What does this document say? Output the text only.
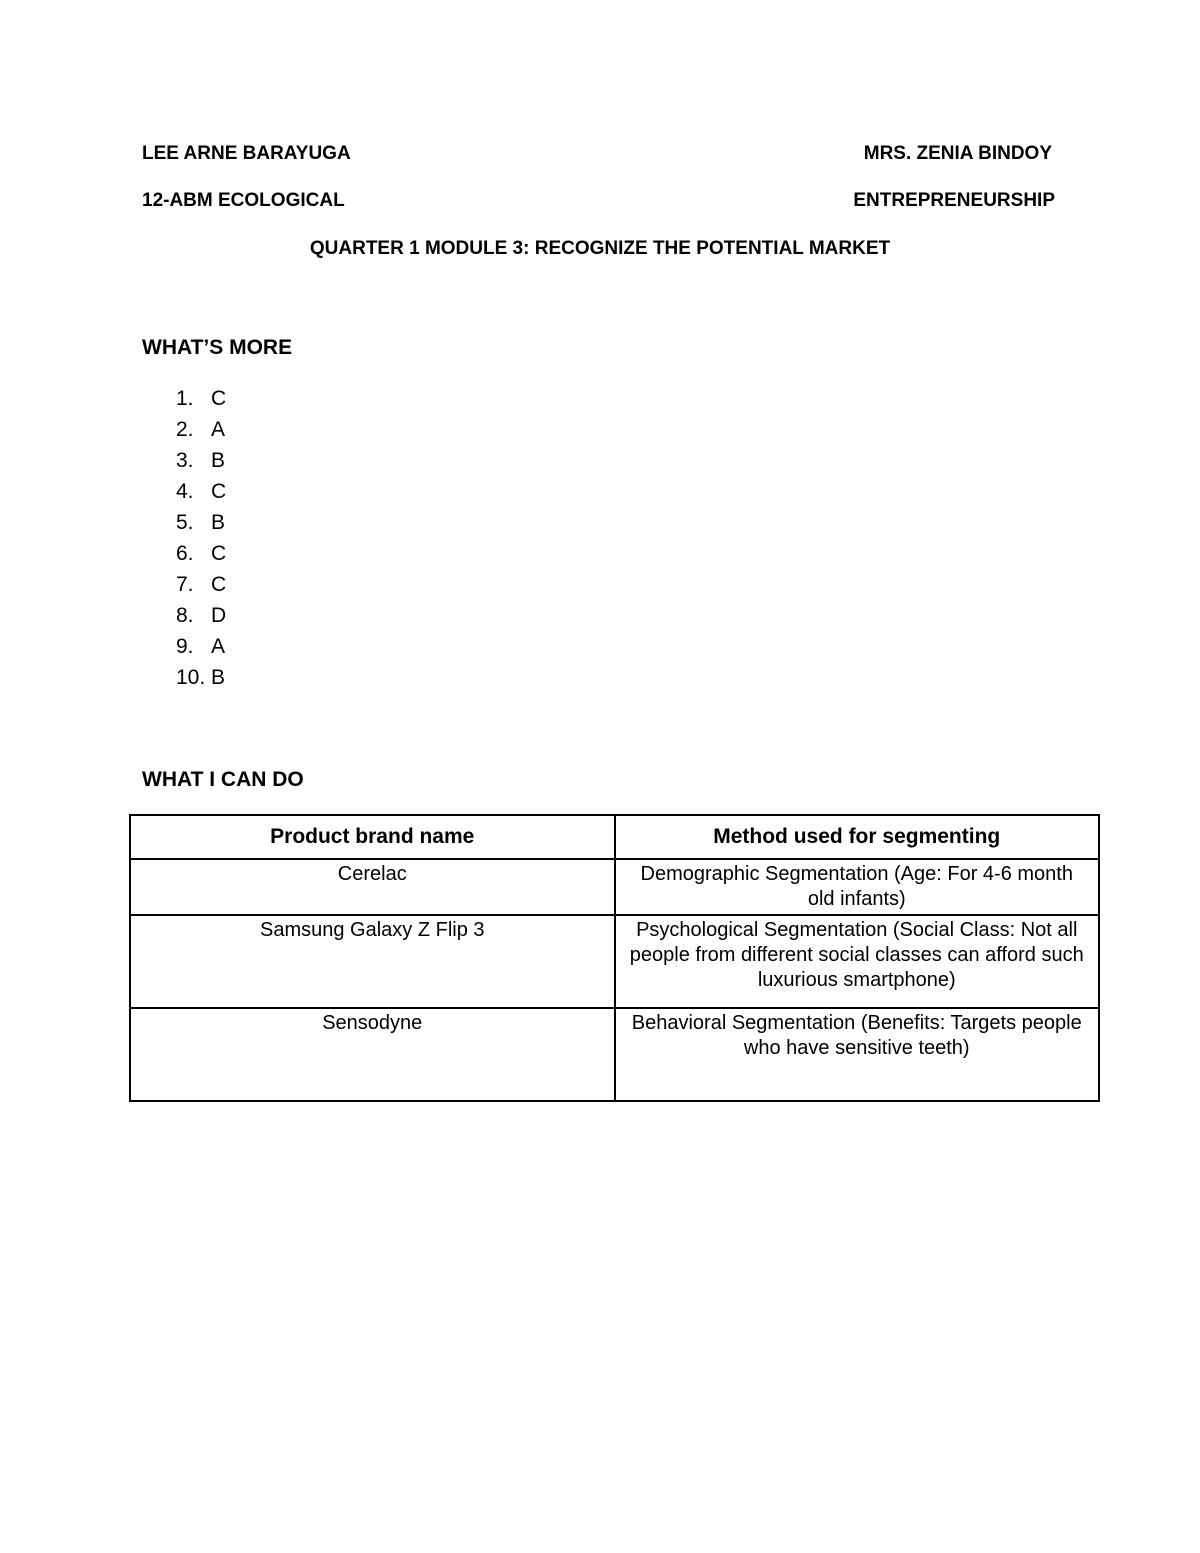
LEE ARNE BARAYUGA	MRS. ZENIA BINDOY
12-ABM ECOLOGICAL	ENTREPRENEURSHIP
QUARTER 1 MODULE 3: RECOGNIZE THE POTENTIAL MARKET
WHAT’S MORE
1. C
2. A
3. B
4. C
5. B
6. C
7. C
8. D
9. A
10. B
WHAT I CAN DO
Product brand name	Method used for segmenting
Cerelac	Demographic Segmentation (Age: For 4-6 month old infants)
Samsung Galaxy Z Flip 3	Psychological Segmentation (Social Class: Not all people from different social classes can afford such luxurious smartphone)
Sensodyne	Behavioral Segmentation (Benefits: Targets people who have sensitive teeth)
